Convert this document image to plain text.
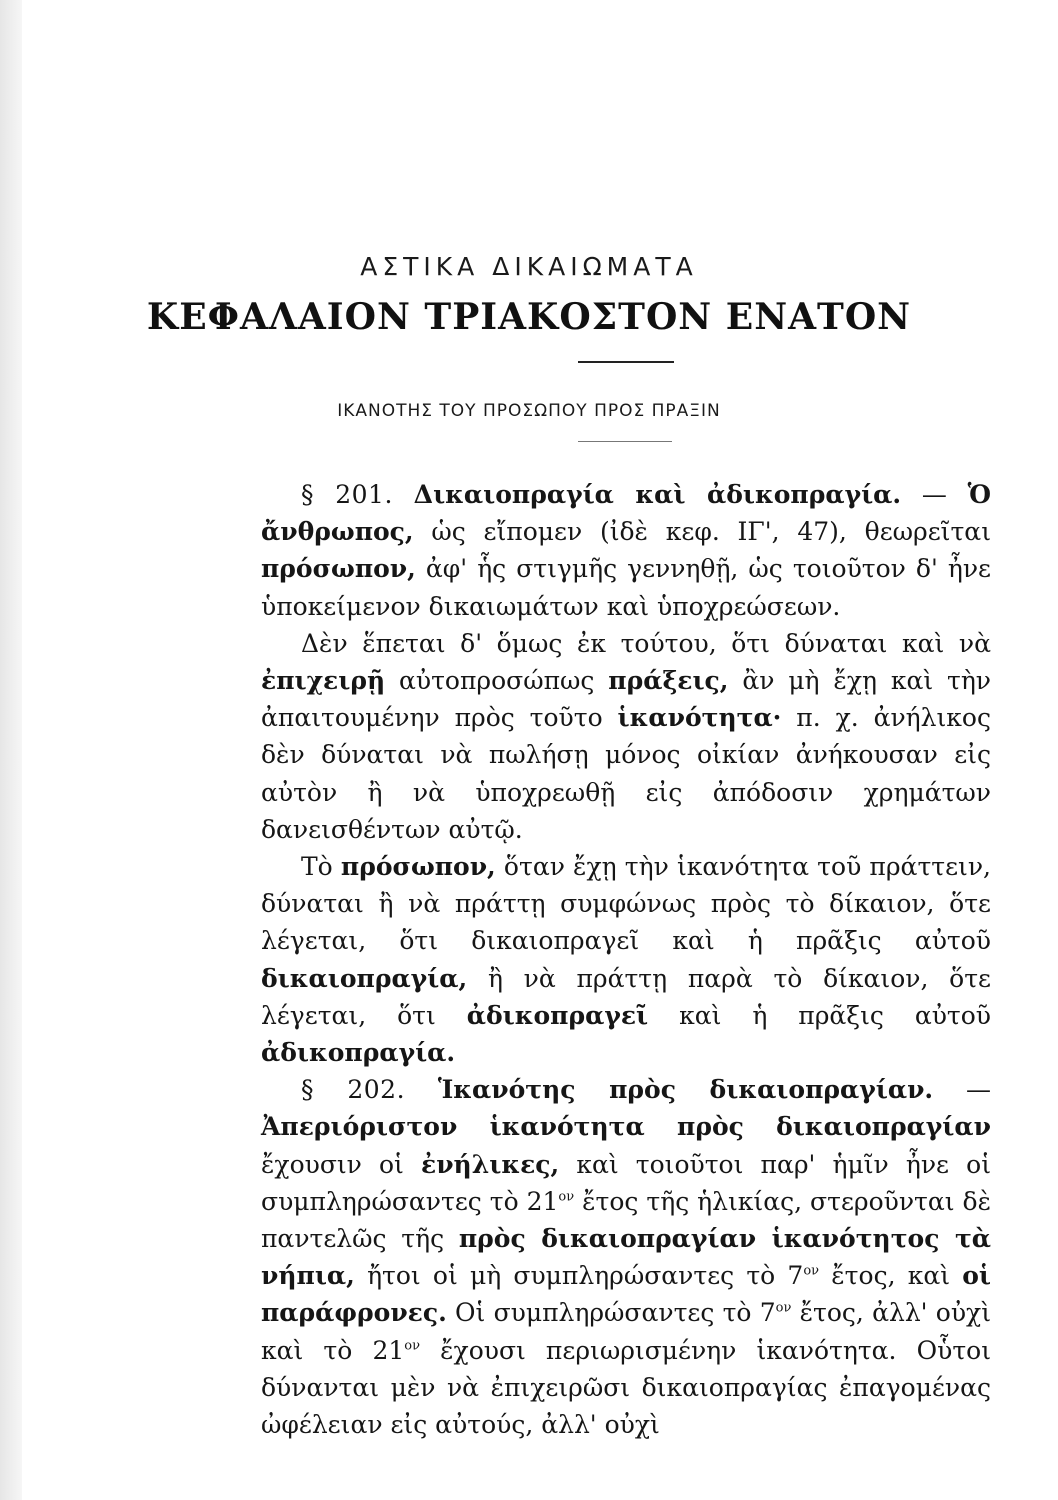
ΑΣΤΙΚΑ ΔΙΚΑΙΩΜΑΤΑ
ΚΕΦΑΛΑΙΟΝ ΤΡΙΑΚΟΣΤΟΝ ΕΝΑΤΟΝ
ΙΚΑΝΟΤΗΣ ΤΟΥ ΠΡΟΣΩΠΟΥ ΠΡΟΣ ΠΡΑΞΙΝ

§ 201. Δικαιοπραγία καὶ ἀδικοπραγία. — Ὁ ἄνθρωπος, ὡς εἴπομεν (ἰδὲ κεφ. ΙΓ', 47), θεωρεῖται πρόσωπον, ἀφ' ἧς στιγμῆς γεννηθῇ, ὡς τοιοῦτον δ' ἦνε ὑποκείμενον δικαιωμάτων καὶ ὑποχρεώσεων.

Δὲν ἕπεται δ' ὅμως ἐκ τούτου, ὅτι δύναται καὶ νὰ ἐπιχειρῇ αὐτοπροσώπως πράξεις, ἂν μὴ ἔχῃ καὶ τὴν ἀπαιτουμένην πρὸς τοῦτο ἱκανότητα· π. χ. ἀνήλικος δὲν δύναται νὰ πωλήσῃ μόνος οἰκίαν ἀνήκουσαν εἰς αὐτὸν ἢ νὰ ὑποχρεωθῇ εἰς ἀπόδοσιν χρημάτων δανεισθέντων αὐτῷ.

Τὸ πρόσωπον, ὅταν ἔχῃ τὴν ἱκανότητα τοῦ πράττειν, δύναται ἢ νὰ πράττῃ συμφώνως πρὸς τὸ δίκαιον, ὅτε λέγεται, ὅτι δικαιοπραγεῖ καὶ ἡ πρᾶξις αὐτοῦ δικαιοπραγία, ἢ νὰ πράττῃ παρὰ τὸ δίκαιον, ὅτε λέγεται, ὅτι ἀδικοπραγεῖ καὶ ἡ πρᾶξις αὐτοῦ ἀδικοπραγία.

§ 202. Ἱκανότης πρὸς δικαιοπραγίαν. — Ἀπεριόριστον ἱκανότητα πρὸς δικαιοπραγίαν ἔχουσιν οἱ ἐνήλικες, καὶ τοιοῦτοι παρ' ἡμῖν ἦνε οἱ συμπληρώσαντες τὸ $21^{o\nu}$ ἔτος τῆς ἡλικίας, στεροῦνται δὲ παντελῶς τῆς πρὸς δικαιοπραγίαν ἱκανότητος τὰ νήπια, ἤτοι οἱ μὴ συμπληρώσαντες τὸ $7^{o\nu}$ ἔτος, καὶ οἱ παράφρονες. Οἱ συμπληρώσαντες τὸ $7^{o\nu}$ ἔτος, ἀλλ' οὐχὶ καὶ τὸ $21^{o\nu}$ ἔχουσι περιωρισμένην ἱκανότητα. Οὗτοι δύνανται μὲν νὰ ἐπιχειρῶσι δικαιοπραγίας ἐπαγομένας ὠφέλειαν εἰς αὐτούς, ἀλλ' οὐχὶ
